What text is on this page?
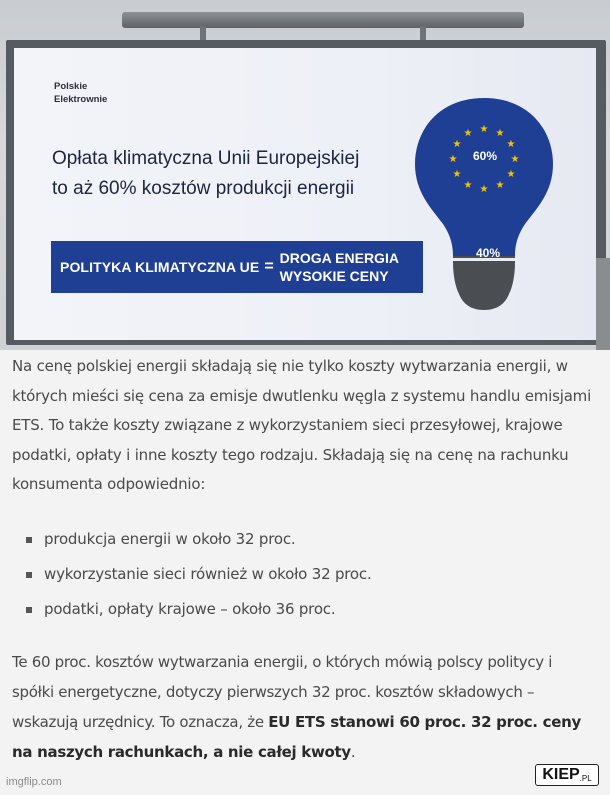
Polskie
Elektrownie
Opłata klimatyczna Unii Europejskiej
to aż 60% kosztów produkcji energii
POLITYKA KLIMATYCZNA UE = DROGA ENERGIA
WYSOKIE CENY
★ ★
★
★
★
★
★
★
★
★
★
★
60%
40%

Na cenę polskiej energii składają się nie tylko koszty wytwarzania energii, w których mieści się cena za emisje dwutlenku węgla z systemu handlu emisjami ETS. To także koszty związane z wykorzystaniem sieci przesyłowej, krajowe podatki, opłaty i inne koszty tego rodzaju. Składają się na cenę na rachunku konsumenta odpowiednio:

produkcja energii w około 32 proc.
wykorzystanie sieci również w około 32 proc.
podatki, opłaty krajowe – około 36 proc.

Te 60 proc. kosztów wytwarzania energii, o których mówią polscy politycy i spółki energetyczne, dotyczy pierwszych 32 proc. kosztów składowych – wskazują urzędnicy. To oznacza, że EU ETS stanowi 60 proc. 32 proc. ceny na naszych rachunkach, a nie całej kwoty.

imgflip.com	KIEP .PL
